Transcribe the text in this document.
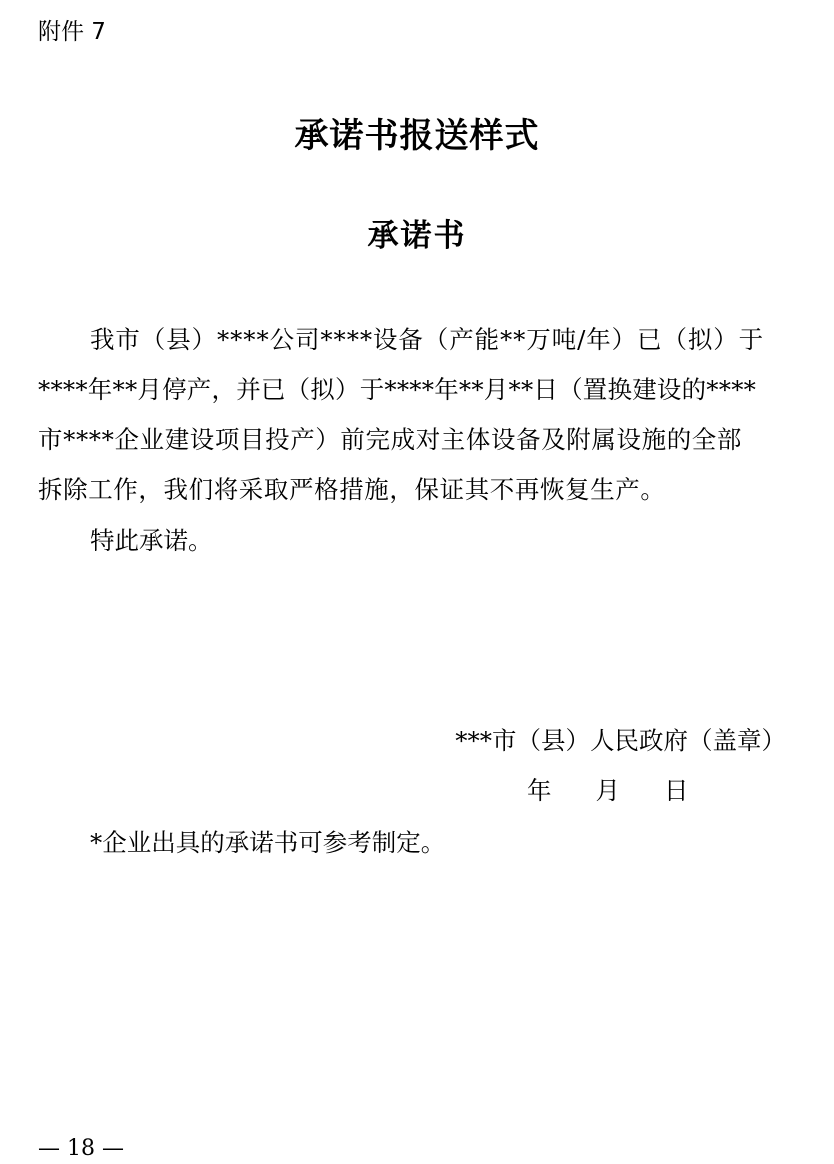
附件 7
承诺书报送样式
承诺书
我市（县）****公司****设备（产能**万吨/年）已（拟）于
****年**月停产，并已（拟）于****年**月**日（置换建设的****
市****企业建设项目投产）前完成对主体设备及附属设施的全部
拆除工作，我们将采取严格措施，保证其不再恢复生产。
特此承诺。
***市（县）人民政府（盖章）
年 月 日
*企业出具的承诺书可参考制定。
— 18 —
